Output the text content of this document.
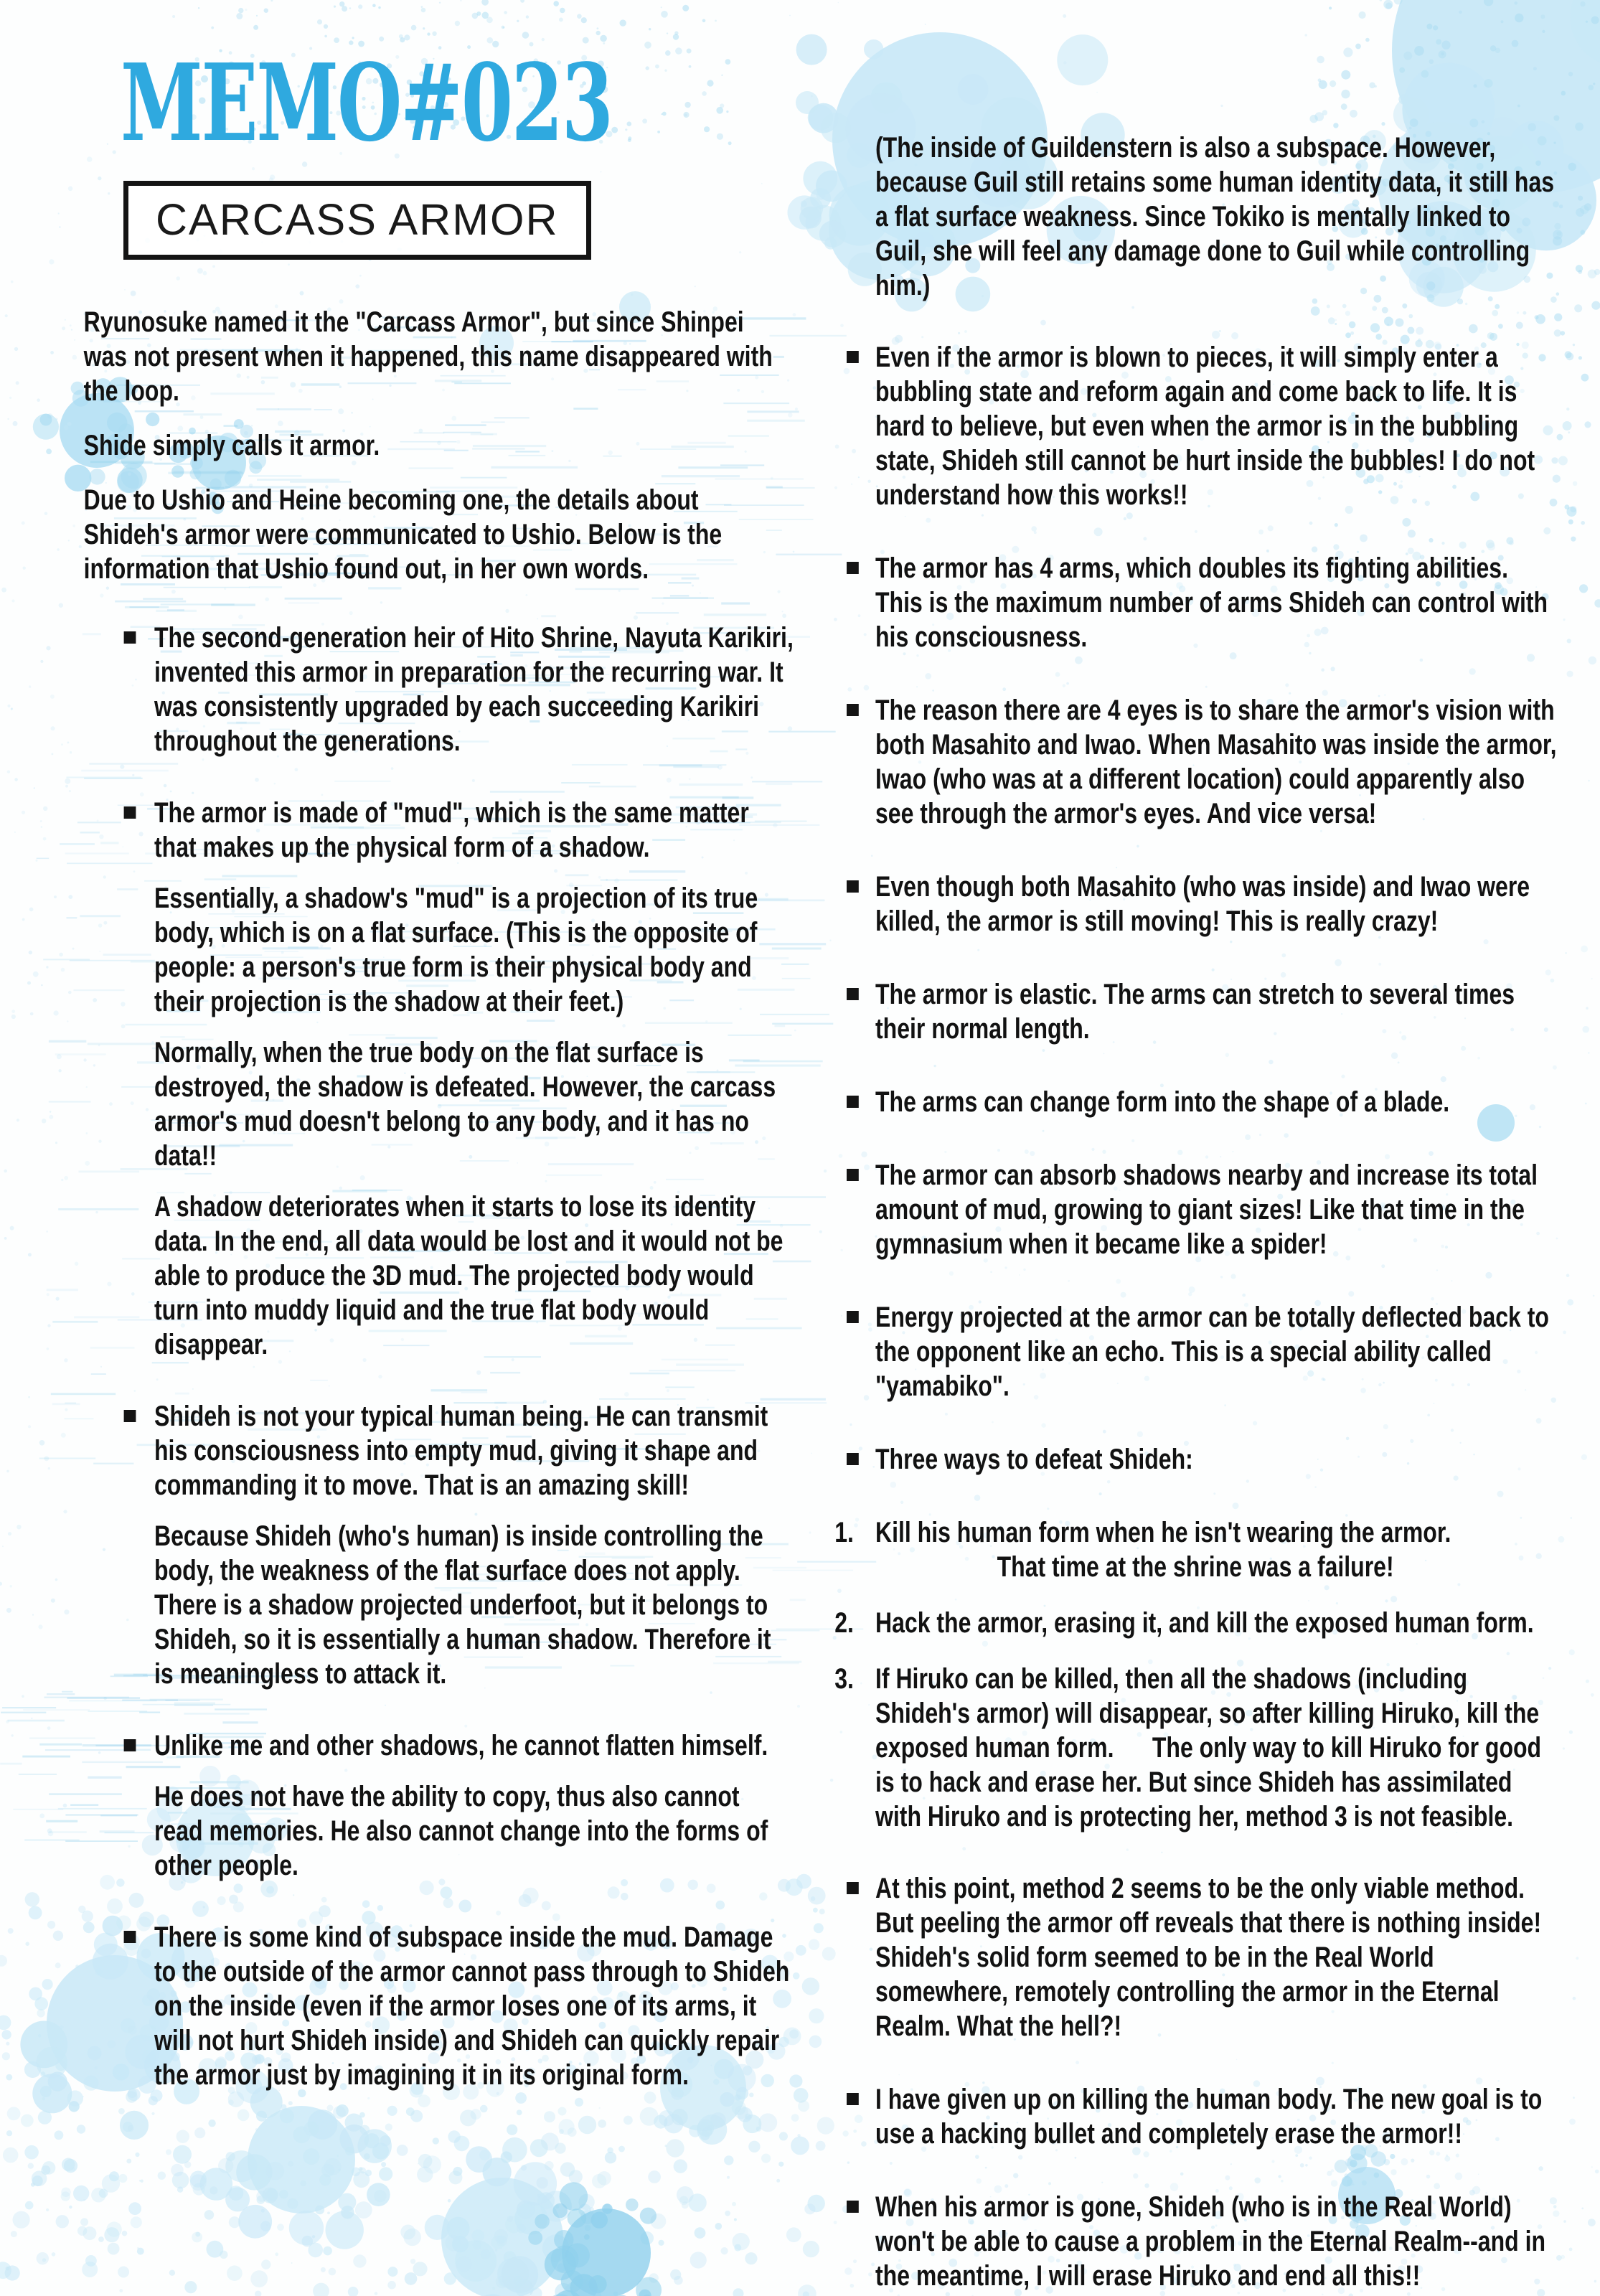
MEMO#023
CARCASS ARMOR

Ryunosuke named it the "Carcass Armor", but since Shinpei was not present when it happened, this name disappeared with the loop.

Shide simply calls it armor.

Due to Ushio and Heine becoming one, the details about Shideh's armor were communicated to Ushio. Below is the information that Ushio found out, in her own words.

The second-generation heir of Hito Shrine, Nayuta Karikiri, invented this armor in preparation for the recurring war. It was consistently upgraded by each succeeding Karikiri throughout the generations.

The armor is made of "mud", which is the same matter that makes up the physical form of a shadow.

Essentially, a shadow's "mud" is a projection of its true body, which is on a flat surface. (This is the opposite of people: a person's true form is their physical body and their projection is the shadow at their feet.)

Normally, when the true body on the flat surface is destroyed, the shadow is defeated. However, the carcass armor's mud doesn't belong to any body, and it has no data!!

A shadow deteriorates when it starts to lose its identity data. In the end, all data would be lost and it would not be able to produce the 3D mud. The projected body would turn into muddy liquid and the true flat body would disappear.

Shideh is not your typical human being. He can transmit his consciousness into empty mud, giving it shape and commanding it to move. That is an amazing skill!

Because Shideh (who's human) is inside controlling the body, the weakness of the flat surface does not apply. There is a shadow projected underfoot, but it belongs to Shideh, so it is essentially a human shadow. Therefore it is meaningless to attack it.

Unlike me and other shadows, he cannot flatten himself.

He does not have the ability to copy, thus also cannot read memories. He also cannot change into the forms of other people.

There is some kind of subspace inside the mud. Damage to the outside of the armor cannot pass through to Shideh on the inside (even if the armor loses one of its arms, it will not hurt Shideh inside) and Shideh can quickly repair the armor just by imagining it in its original form.

(The inside of Guildenstern is also a subspace. However, because Guil still retains some human identity data, it still has a flat surface weakness. Since Tokiko is mentally linked to Guil, she will feel any damage done to Guil while controlling him.)

Even if the armor is blown to pieces, it will simply enter a bubbling state and reform again and come back to life. It is hard to believe, but even when the armor is in the bubbling state, Shideh still cannot be hurt inside the bubbles! I do not understand how this works!!

The armor has 4 arms, which doubles its fighting abilities. This is the maximum number of arms Shideh can control with his consciousness.

The reason there are 4 eyes is to share the armor's vision with both Masahito and Iwao. When Masahito was inside the armor, Iwao (who was at a different location) could apparently also see through the armor's eyes. And vice versa!

Even though both Masahito (who was inside) and Iwao were killed, the armor is still moving! This is really crazy!

The armor is elastic. The arms can stretch to several times their normal length.

The arms can change form into the shape of a blade.

The armor can absorb shadows nearby and increase its total amount of mud, growing to giant sizes! Like that time in the gymnasium when it became like a spider!

Energy projected at the armor can be totally deflected back to the opponent like an echo. This is a special ability called "yamabiko".

Three ways to defeat Shideh:

1. Kill his human form when he isn't wearing the armor.

That time at the shrine was a failure!

2. Hack the armor, erasing it, and kill the exposed human form.

3. If Hiruko can be killed, then all the shadows (including Shideh's armor) will disappear, so after killing Hiruko, kill the exposed human form.      The only way to kill Hiruko for good is to hack and erase her. But since Shideh has assimilated with Hiruko and is protecting her, method 3 is not feasible.

At this point, method 2 seems to be the only viable method. But peeling the armor off reveals that there is nothing inside! Shideh's solid form seemed to be in the Real World somewhere, remotely controlling the armor in the Eternal Realm. What the hell?!

I have given up on killing the human body. The new goal is to use a hacking bullet and completely erase the armor!!

When his armor is gone, Shideh (who is in the Real World) won't be able to cause a problem in the Eternal Realm--and in the meantime, I will erase Hiruko and end all this!!
